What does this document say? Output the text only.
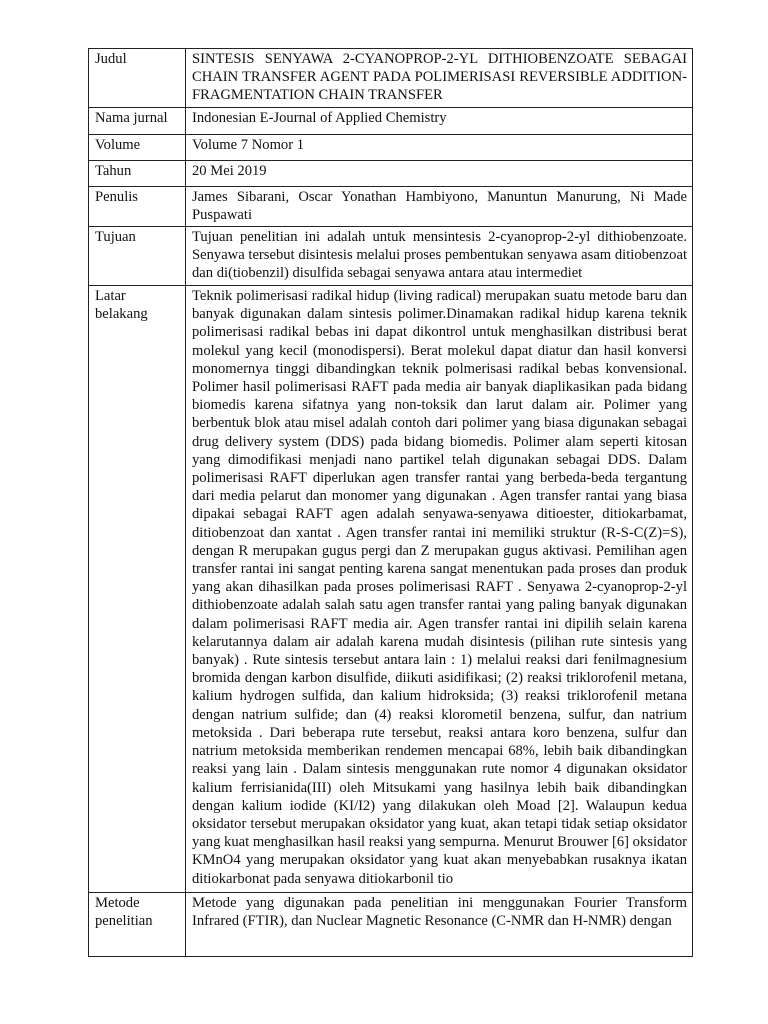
Judul	SINTESIS SENYAWA 2-CYANOPROP-2-YL DITHIOBENZOATE SEBAGAI CHAIN TRANSFER AGENT PADA POLIMERISASI REVERSIBLE ADDITION-FRAGMENTATION CHAIN TRANSFER
Nama jurnal	Indonesian E-Journal of Applied Chemistry
Volume	Volume 7 Nomor 1
Tahun	20 Mei 2019
Penulis	James Sibarani, Oscar Yonathan Hambiyono, Manuntun Manurung, Ni Made Puspawati
Tujuan	Tujuan penelitian ini adalah untuk mensintesis 2-cyanoprop-2-yl dithiobenzoate. Senyawa tersebut disintesis melalui proses pembentukan senyawa asam ditiobenzoat dan di(tiobenzil) disulfida sebagai senyawa antara atau intermediet

Latar
belakang	Teknik polimerisasi radikal hidup (living radical) merupakan suatu metode baru dan banyak digunakan dalam sintesis polimer.Dinamakan radikal hidup karena teknik polimerisasi radikal bebas ini dapat dikontrol untuk menghasilkan distribusi berat molekul yang kecil (monodispersi). Berat molekul dapat diatur dan hasil konversi monomernya tinggi dibandingkan teknik polmerisasi radikal bebas konvensional. Polimer hasil polimerisasi RAFT pada media air banyak diaplikasikan pada bidang biomedis karena sifatnya yang non-toksik dan larut dalam air. Polimer yang berbentuk blok atau misel adalah contoh dari polimer yang biasa digunakan sebagai drug delivery system (DDS) pada bidang biomedis. Polimer alam seperti kitosan yang dimodifikasi menjadi nano partikel telah digunakan sebagai DDS. Dalam polimerisasi RAFT diperlukan agen transfer rantai yang berbeda-beda tergantung dari media pelarut dan monomer yang digunakan . Agen transfer rantai yang biasa dipakai sebagai RAFT agen adalah senyawa-senyawa ditioester, ditiokarbamat, ditiobenzoat dan xantat . Agen transfer rantai ini memiliki struktur (R-S-C(Z)=S), dengan R merupakan gugus pergi dan Z merupakan gugus aktivasi. Pemilihan agen transfer rantai ini sangat penting karena sangat menentukan pada proses dan produk yang akan dihasilkan pada proses polimerisasi RAFT . Senyawa 2-cyanoprop-2-yl dithiobenzoate adalah salah satu agen transfer rantai yang paling banyak digunakan dalam polimerisasi RAFT media air. Agen transfer rantai ini dipilih selain karena kelarutannya dalam air adalah karena mudah disintesis (pilihan rute sintesis yang banyak) . Rute sintesis tersebut antara lain : 1) melalui reaksi dari fenilmagnesium bromida dengan karbon disulfide, diikuti asidifikasi; (2) reaksi triklorofenil metana, kalium hydrogen sulfida, dan kalium hidroksida; (3) reaksi triklorofenil metana dengan natrium sulfide; dan (4) reaksi klorometil benzena, sulfur, dan natrium metoksida . Dari beberapa rute tersebut, reaksi antara koro benzena, sulfur dan natrium metoksida memberikan rendemen mencapai 68%, lebih baik dibandingkan reaksi yang lain . Dalam sintesis menggunakan rute nomor 4 digunakan oksidator kalium ferrisianida(III) oleh Mitsukami yang hasilnya lebih baik dibandingkan dengan kalium iodide (KI/I2) yang dilakukan oleh Moad [2]. Walaupun kedua oksidator tersebut merupakan oksidator yang kuat, akan tetapi tidak setiap oksidator yang kuat menghasilkan hasil reaksi yang sempurna. Menurut Brouwer [6] oksidator KMnO4 yang merupakan oksidator yang kuat akan menyebabkan rusaknya ikatan ditiokarbonat pada senyawa ditiokarbonil tio

Metode
penelitian	Metode yang digunakan pada penelitian ini menggunakan Fourier Transform Infrared (FTIR), dan Nuclear Magnetic Resonance (C-NMR dan H-NMR) dengan
